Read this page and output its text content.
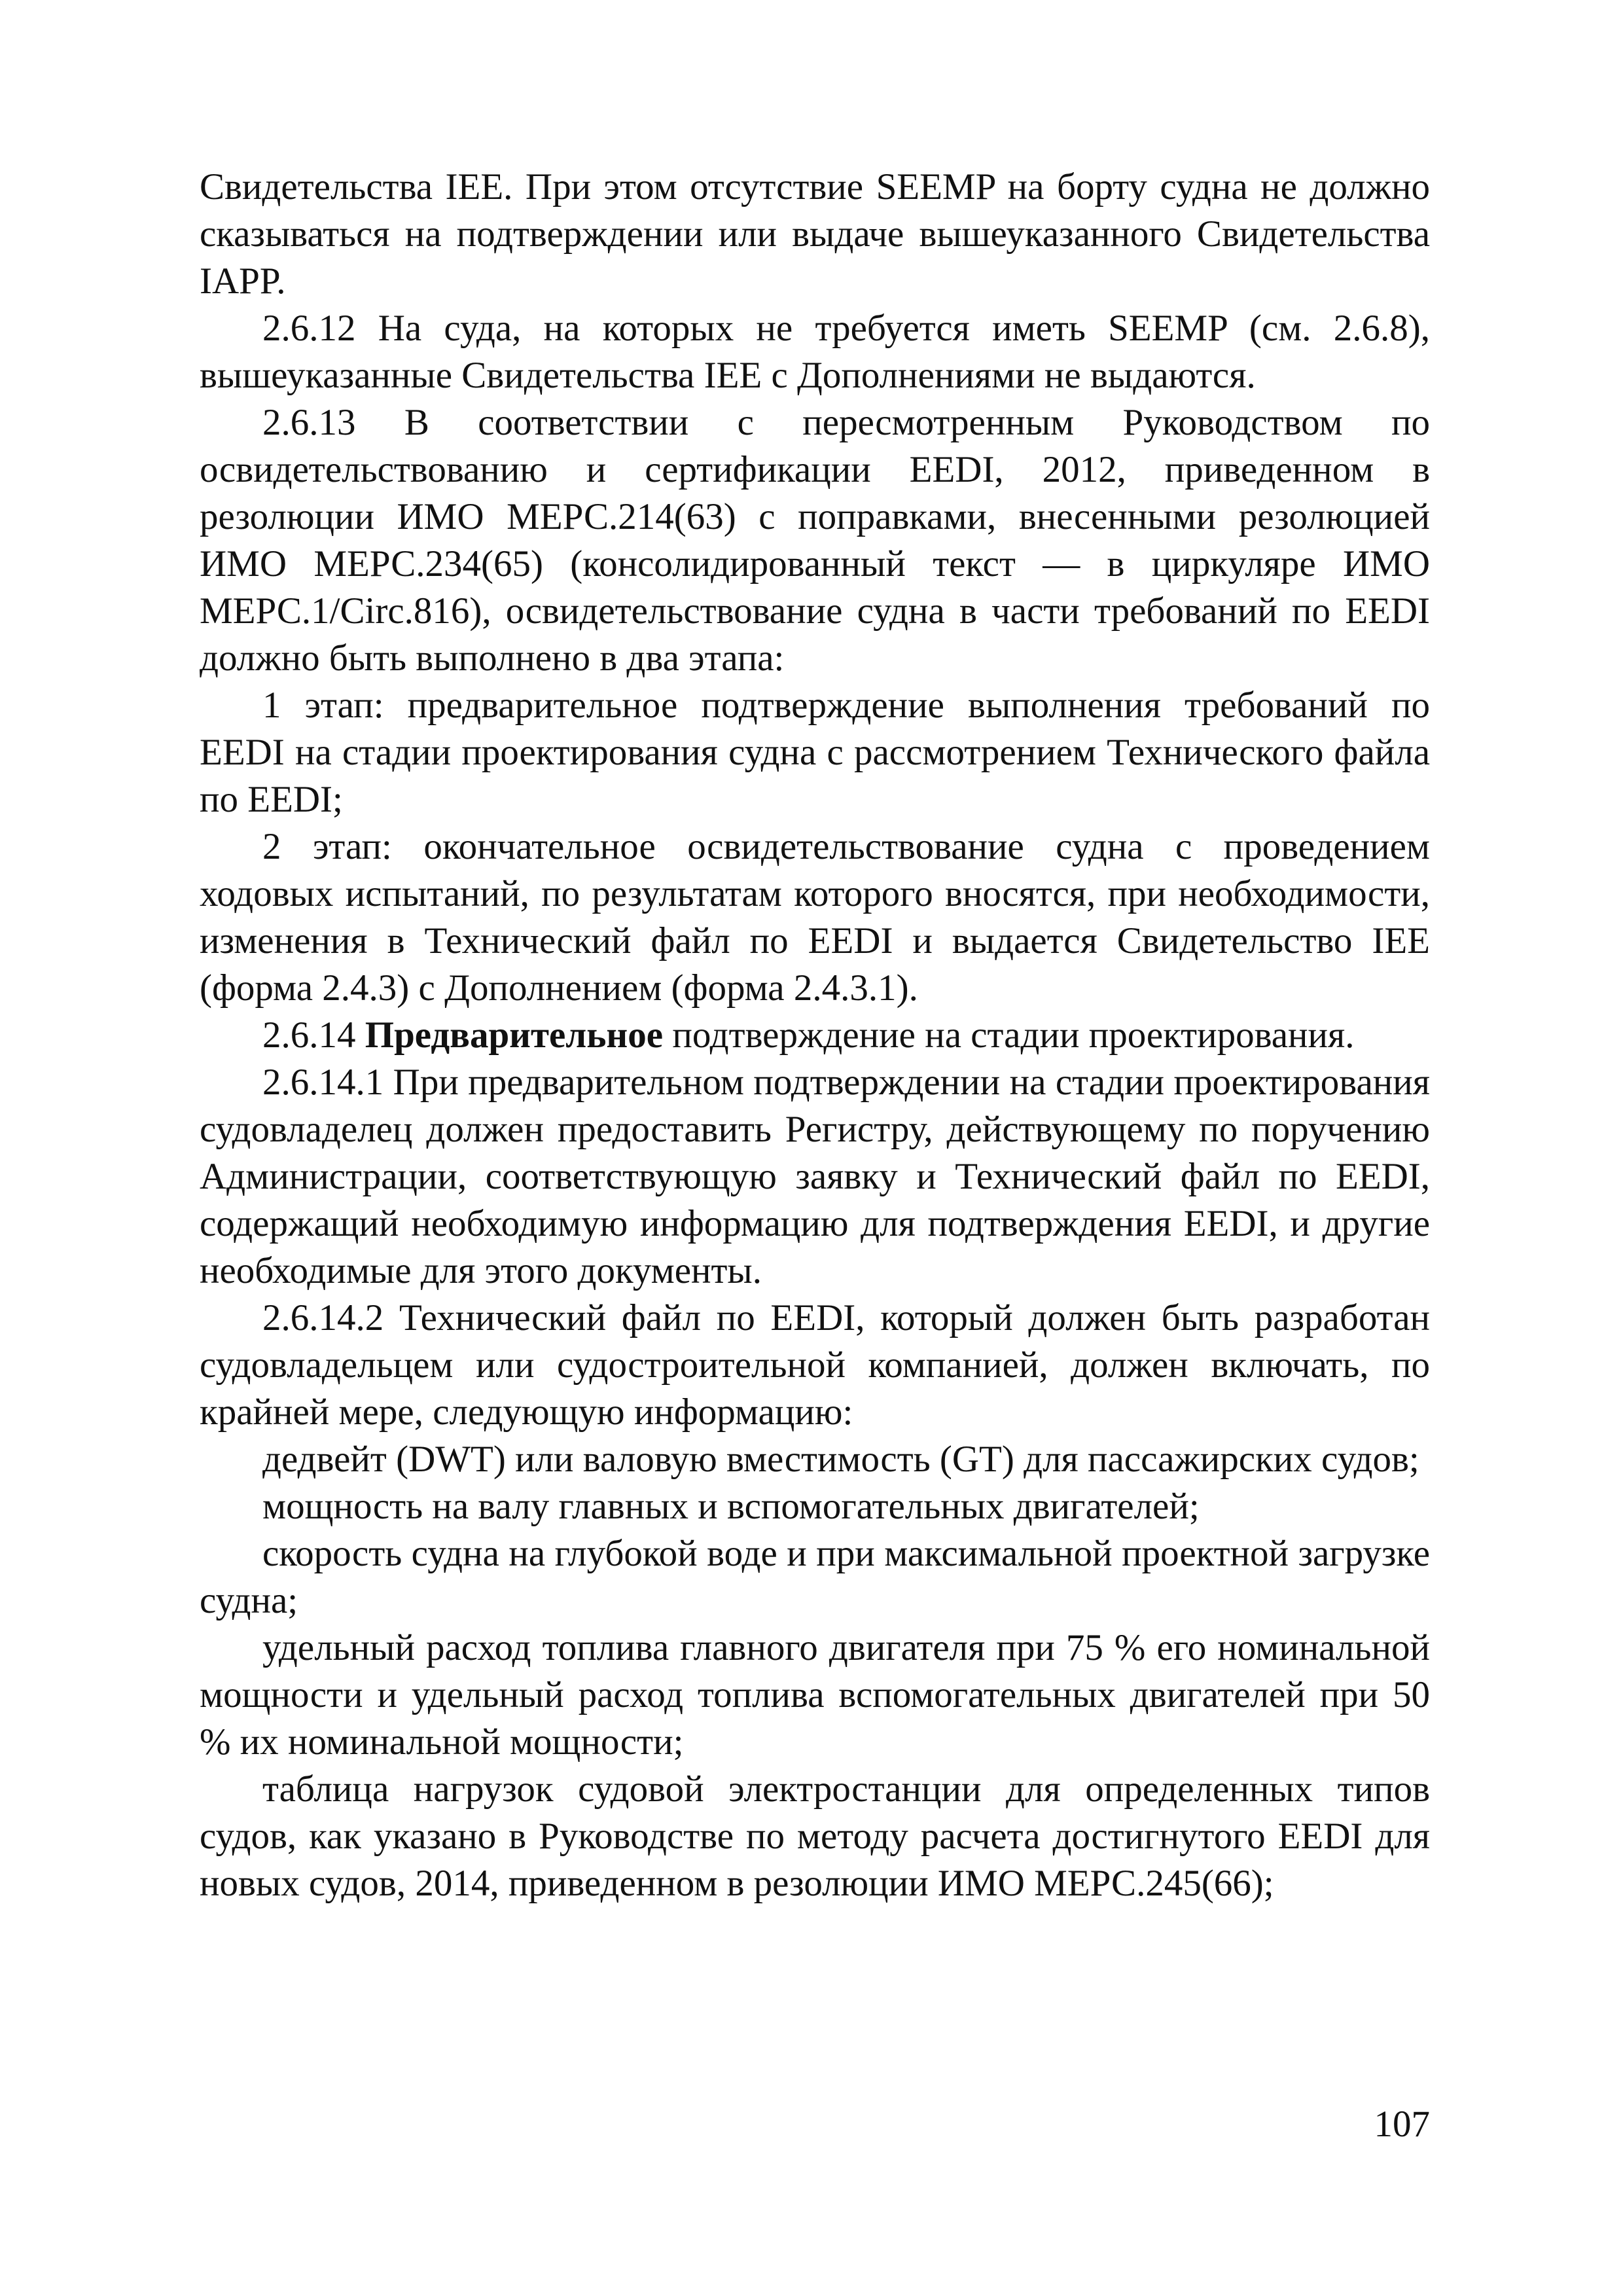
Свидетельства IEE. При этом отсутствие SEEMP на борту судна не должно сказываться на подтверждении или выдаче вышеуказанного Свидетельства IAPP.

2.6.12 На суда, на которых не требуется иметь SEEMP (см. 2.6.8), вышеуказанные Свидетельства IEE с Дополнениями не выдаются.

2.6.13 В соответствии с пересмотренным Руководством по освидетельствованию и сертификации EEDI, 2012, приведенном в резолюции ИМО МЕРС.214(63) с поправками, внесенными резолюцией ИМО МЕРС.234(65) (консолидированный текст — в циркуляре ИМО МЕРС.1/Circ.816), освидетельствование судна в части требований по EEDI должно быть выполнено в два этапа:

1 этап: предварительное подтверждение выполнения требований по EEDI на стадии проектирования судна с рассмотрением Технического файла по EEDI;

2 этап: окончательное освидетельствование судна с проведением ходовых испытаний, по результатам которого вносятся, при необходимости, изменения в Технический файл по EEDI и выдается Свидетельство IEE (форма 2.4.3) с Дополнением (форма 2.4.3.1).

2.6.14 Предварительное подтверждение на стадии проектирования.

2.6.14.1 При предварительном подтверждении на стадии проектирования судовладелец должен предоставить Регистру, действующему по поручению Администрации, соответствующую заявку и Технический файл по EEDI, содержащий необходимую информацию для подтверждения EEDI, и другие необходимые для этого документы.

2.6.14.2 Технический файл по EEDI, который должен быть разработан судовладельцем или судостроительной компанией, должен включать, по крайней мере, следующую информацию:

дедвейт (DWT) или валовую вместимость (GT) для пассажирских судов;

мощность на валу главных и вспомогательных двигателей;

скорость судна на глубокой воде и при максимальной проектной загрузке судна;

удельный расход топлива главного двигателя при 75 % его номинальной мощности и удельный расход топлива вспомогательных двигателей при 50 % их номинальной мощности;

таблица нагрузок судовой электростанции для определенных типов судов, как указано в Руководстве по методу расчета достигнутого EEDI для новых судов, 2014, приведенном в резолюции ИМО МЕРС.245(66);

107
